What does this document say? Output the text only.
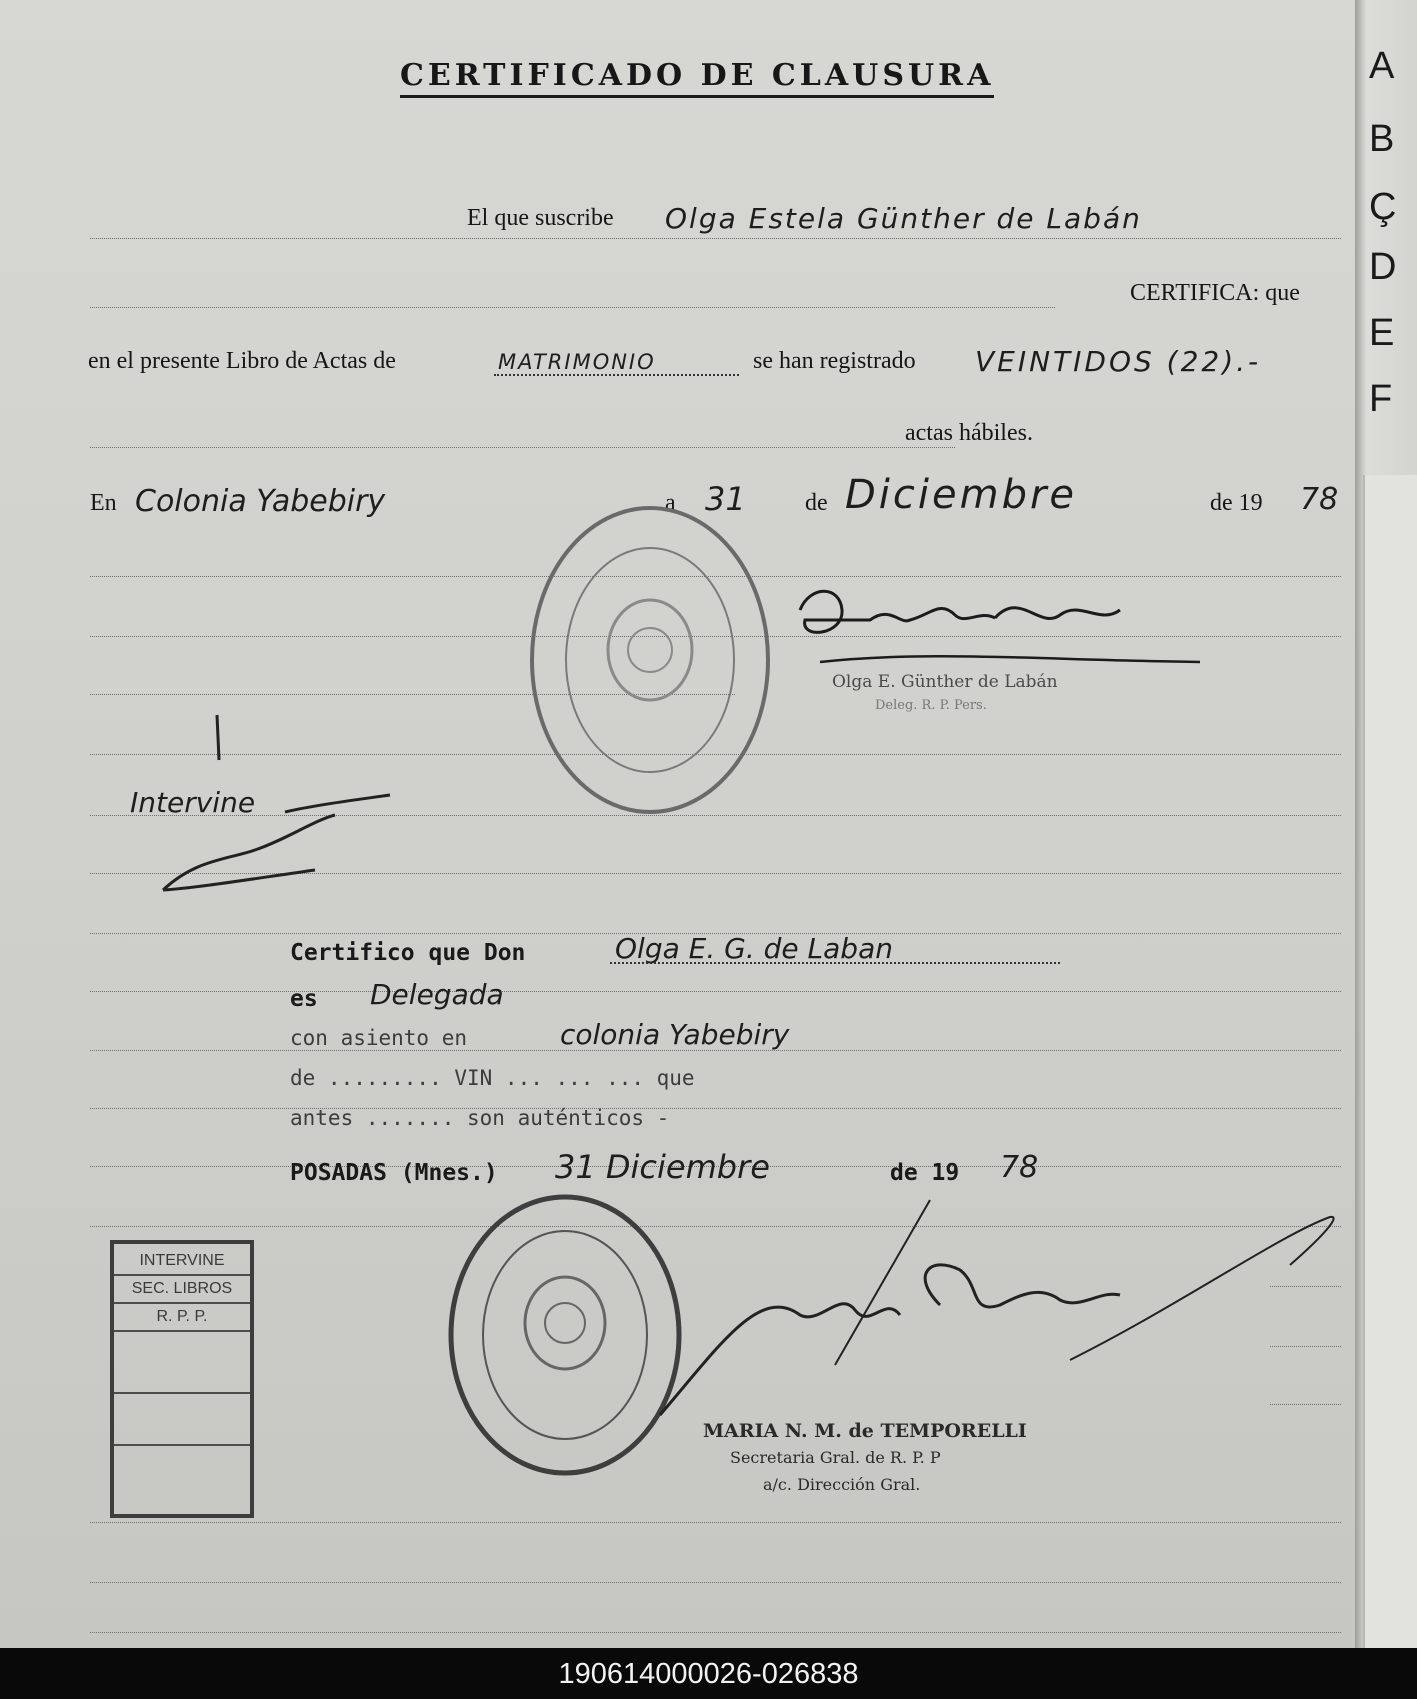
CERTIFICADO DE CLAUSURA
El que suscribe Olga Estela Günther de Labán
CERTIFICA: que
en el presente Libro de Actas de	MATRIMONIO	se han registrado VEINTIDOS (22).-
actas hábiles.
En Colonia Yabebiry	a 31 de Diciembre	de 19 78
Olga E. Günther de Labán
Deleg. R. P. Pers.
Intervine
Certifico que Don	Olga E. G. de Laban
es Delegada
con asiento en	colonia Yabebiry
de ......... VIN ... ... ... que
antes ....... son auténticos -
POSADAS (Mnes.) 31 Diciembre	de 19 78
INTERVINE
SEC. LIBROS
R. P. P.
MARIA N. M. de TEMPORELLI
Secretaria Gral. de R. P. P
a/c. Dirección Gral.
A
B
Ç
D
E
F
190614000026-026838
